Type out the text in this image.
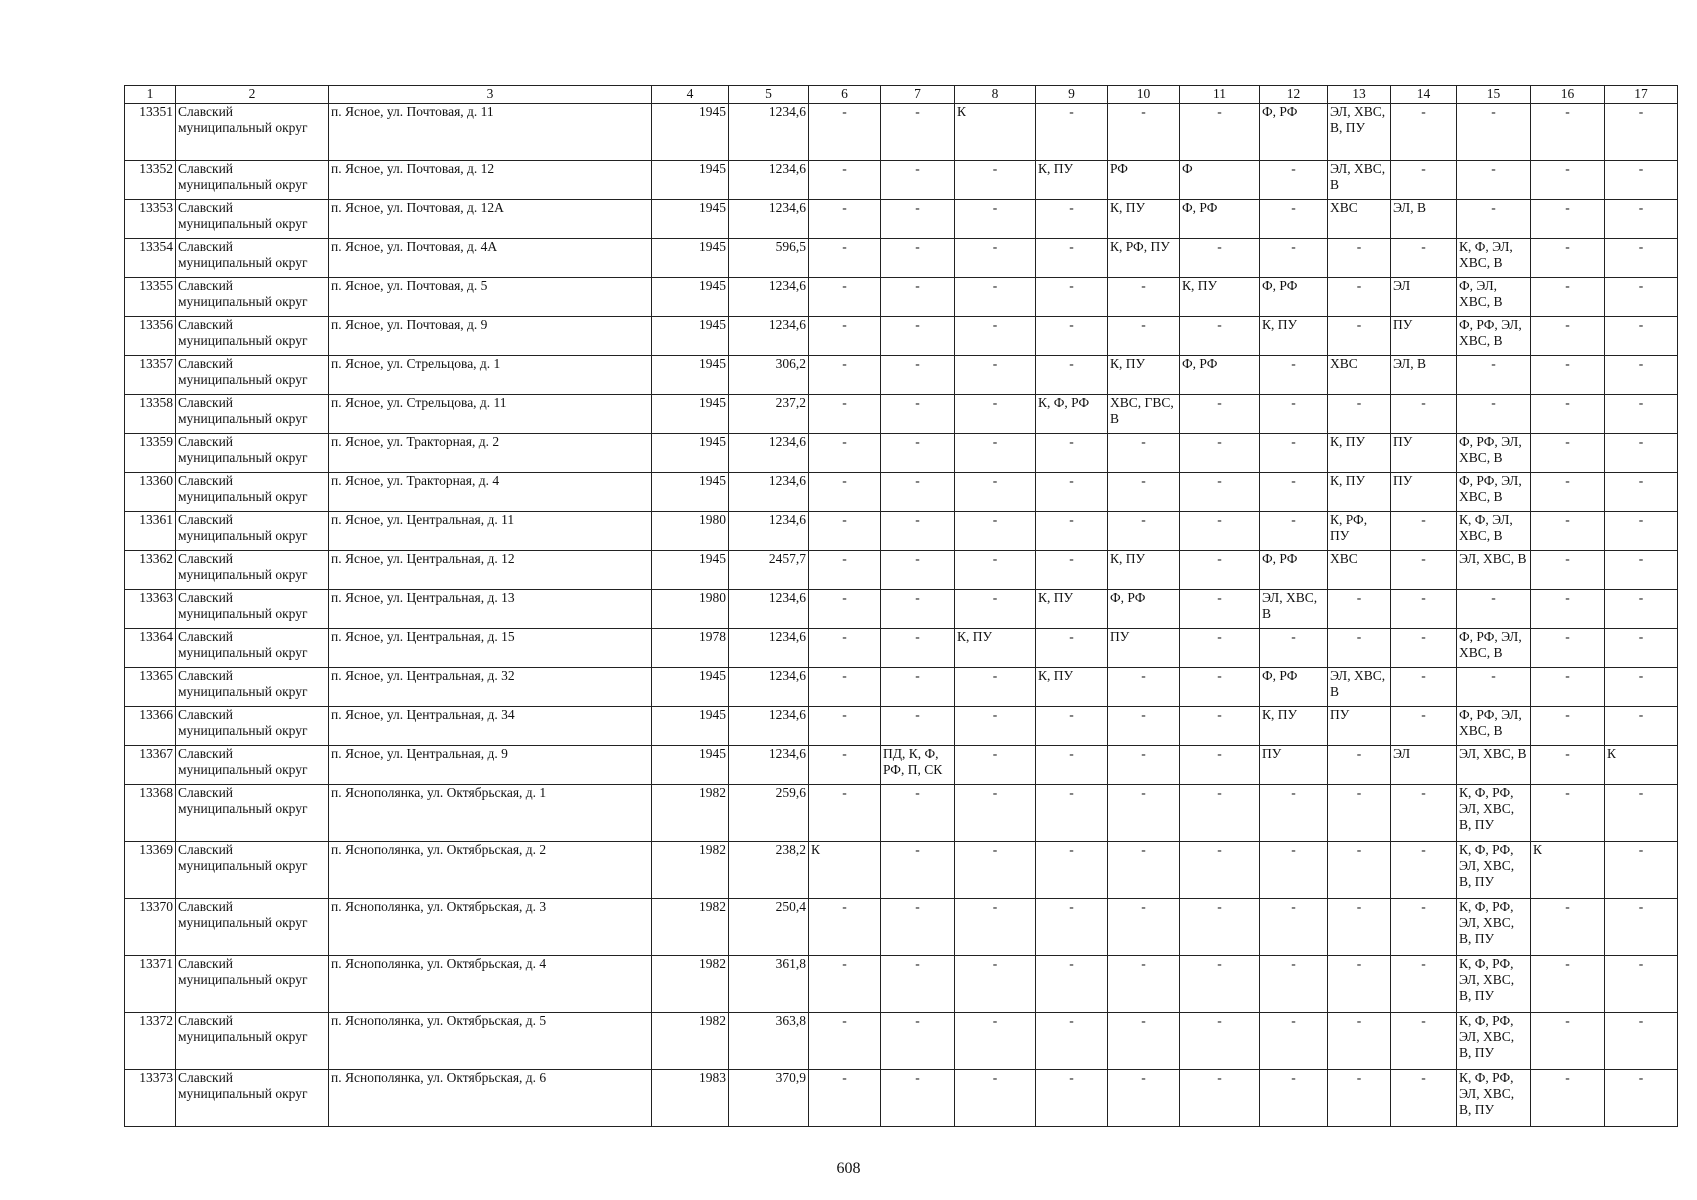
1	2	3	4	5	6	7	8	9	10	11	12	13	14	15	16	17
13351	Славский муниципальный округ	п. Ясное, ул. Почтовая, д. 11	1945	1234,6	-	-	К	-	-	-	Ф, РФ	ЭЛ, ХВС, В, ПУ	-	-	-	-
13352	Славский муниципальный округ	п. Ясное, ул. Почтовая, д. 12	1945	1234,6	-	-	-	К, ПУ	РФ	Ф	-	ЭЛ, ХВС, В	-	-	-	-
13353	Славский муниципальный округ	п. Ясное, ул. Почтовая, д. 12А	1945	1234,6	-	-	-	-	К, ПУ	Ф, РФ	-	ХВС	ЭЛ, В	-	-	-
13354	Славский муниципальный округ	п. Ясное, ул. Почтовая, д. 4А	1945	596,5	-	-	-	-	К, РФ, ПУ	-	-	-	-	К, Ф, ЭЛ, ХВС, В	-	-
13355	Славский муниципальный округ	п. Ясное, ул. Почтовая, д. 5	1945	1234,6	-	-	-	-	-	К, ПУ	Ф, РФ	-	ЭЛ	Ф, ЭЛ, ХВС, В	-	-
13356	Славский муниципальный округ	п. Ясное, ул. Почтовая, д. 9	1945	1234,6	-	-	-	-	-	-	К, ПУ	-	ПУ	Ф, РФ, ЭЛ, ХВС, В	-	-
13357	Славский муниципальный округ	п. Ясное, ул. Стрельцова, д. 1	1945	306,2	-	-	-	-	К, ПУ	Ф, РФ	-	ХВС	ЭЛ, В	-	-	-
13358	Славский муниципальный округ	п. Ясное, ул. Стрельцова, д. 11	1945	237,2	-	-	-	К, Ф, РФ	ХВС, ГВС, В	-	-	-	-	-	-	-
13359	Славский муниципальный округ	п. Ясное, ул. Тракторная, д. 2	1945	1234,6	-	-	-	-	-	-	-	К, ПУ	ПУ	Ф, РФ, ЭЛ, ХВС, В	-	-
13360	Славский муниципальный округ	п. Ясное, ул. Тракторная, д. 4	1945	1234,6	-	-	-	-	-	-	-	К, ПУ	ПУ	Ф, РФ, ЭЛ, ХВС, В	-	-
13361	Славский муниципальный округ	п. Ясное, ул. Центральная, д. 11	1980	1234,6	-	-	-	-	-	-	-	К, РФ, ПУ	-	К, Ф, ЭЛ, ХВС, В	-	-
13362	Славский муниципальный округ	п. Ясное, ул. Центральная, д. 12	1945	2457,7	-	-	-	-	К, ПУ	-	Ф, РФ	ХВС	-	ЭЛ, ХВС, В	-	-
13363	Славский муниципальный округ	п. Ясное, ул. Центральная, д. 13	1980	1234,6	-	-	-	К, ПУ	Ф, РФ	-	ЭЛ, ХВС, В	-	-	-	-	-
13364	Славский муниципальный округ	п. Ясное, ул. Центральная, д. 15	1978	1234,6	-	-	К, ПУ	-	ПУ	-	-	-	-	Ф, РФ, ЭЛ, ХВС, В	-	-
13365	Славский муниципальный округ	п. Ясное, ул. Центральная, д. 32	1945	1234,6	-	-	-	К, ПУ	-	-	Ф, РФ	ЭЛ, ХВС, В	-	-	-	-
13366	Славский муниципальный округ	п. Ясное, ул. Центральная, д. 34	1945	1234,6	-	-	-	-	-	-	К, ПУ	ПУ	-	Ф, РФ, ЭЛ, ХВС, В	-	-
13367	Славский муниципальный округ	п. Ясное, ул. Центральная, д. 9	1945	1234,6	-	ПД, К, Ф, РФ, П, СК	-	-	-	-	ПУ	-	ЭЛ	ЭЛ, ХВС, В	-	К
13368	Славский муниципальный округ	п. Яснополянка, ул. Октябрьская, д. 1	1982	259,6	-	-	-	-	-	-	-	-	-	К, Ф, РФ, ЭЛ, ХВС, В, ПУ	-	-
13369	Славский муниципальный округ	п. Яснополянка, ул. Октябрьская, д. 2	1982	238,2	К	-	-	-	-	-	-	-	-	К, Ф, РФ, ЭЛ, ХВС, В, ПУ	К	-
13370	Славский муниципальный округ	п. Яснополянка, ул. Октябрьская, д. 3	1982	250,4	-	-	-	-	-	-	-	-	-	К, Ф, РФ, ЭЛ, ХВС, В, ПУ	-	-
13371	Славский муниципальный округ	п. Яснополянка, ул. Октябрьская, д. 4	1982	361,8	-	-	-	-	-	-	-	-	-	К, Ф, РФ, ЭЛ, ХВС, В, ПУ	-	-
13372	Славский муниципальный округ	п. Яснополянка, ул. Октябрьская, д. 5	1982	363,8	-	-	-	-	-	-	-	-	-	К, Ф, РФ, ЭЛ, ХВС, В, ПУ	-	-
13373	Славский муниципальный округ	п. Яснополянка, ул. Октябрьская, д. 6	1983	370,9	-	-	-	-	-	-	-	-	-	К, Ф, РФ, ЭЛ, ХВС, В, ПУ	-	-
608
